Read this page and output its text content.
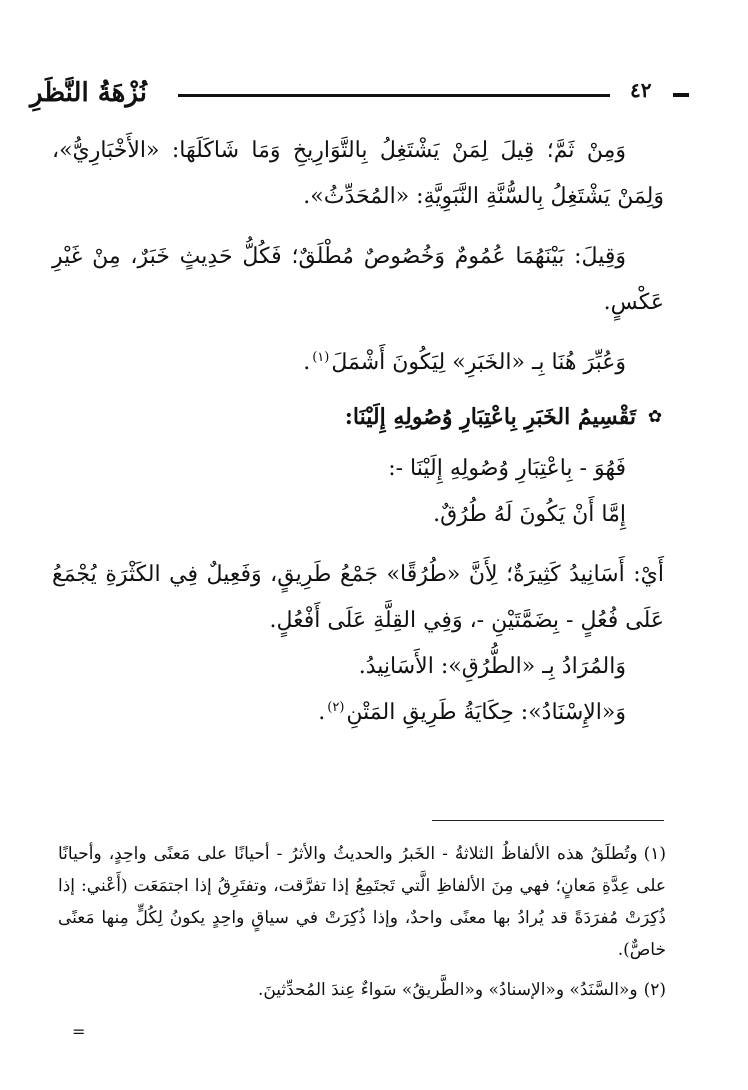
نُزْهَةُ النَّظَرِ	٤٢

وَمِنْ ثَمَّ؛ قِيلَ لِمَنْ يَشْتَغِلُ بِالتَّوَارِيخِ وَمَا شَاكَلَهَا: «الأَخْبَارِيُّ»، وَلِمَنْ يَشْتَغِلُ بِالسُّنَّةِ النَّبَوِيَّةِ: «المُحَدِّثُ».

وَقِيلَ: بَيْنَهُمَا عُمُومٌ وَخُصُوصٌ مُطْلَقٌ؛ فَكُلُّ حَدِيثٍ خَبَرٌ، مِنْ غَيْرِ عَكْسٍ.

وَعُبِّرَ هُنَا بِـ «الخَبَرِ» لِيَكُونَ أَشْمَلَ$^{(١)}$.

✿
تَقْسِيمُ الخَبَرِ بِاعْتِبَارِ وُصُولِهِ إِلَيْنَا:

فَهُوَ - بِاعْتِبَارِ وُصُولِهِ إِلَيْنَا -:

إِمَّا أَنْ يَكُونَ لَهُ طُرُقٌ.

أَيْ: أَسَانِيدُ كَثِيرَةٌ؛ لِأَنَّ «طُرُقًا» جَمْعُ طَرِيقٍ، وَفَعِيلٌ فِي الكَثْرَةِ يُجْمَعُ عَلَى فُعُلٍ - بِضَمَّتَيْنِ -، وَفِي القِلَّةِ عَلَى أَفْعُلٍ.

وَالمُرَادُ بِـ «الطُّرُقِ»: الأَسَانِيدُ.

وَ«الإِسْنَادُ»: حِكَايَةُ طَرِيقِ المَتْنِ$^{(٢)}$.

(١)وتُطلَقُ هذه الألفاظُ الثلاثةُ - الخَبرُ والحديثُ والأثرُ - أحيانًا على مَعنًى واحِدٍ، وأحيانًا على عِدَّةِ مَعانٍ؛ فهي مِنَ الألفاظِ الَّتي تَجتَمِعُ إذا تفرَّقت، وتفتَرِقُ إذا اجتمَعَت (أَعْني: إذا ذُكِرَتْ مُفرَدَةً قد يُرادُ بها معنًى واحدٌ، وإذا ذُكِرَتْ في سياقٍ واحِدٍ يكونُ لِكُلٍّ مِنها مَعنًى خاصٌّ).

(٢)و«السَّنَدُ» و«الإسنادُ» و«الطَّريقُ» سَواءٌ عِندَ المُحدِّثينَ.

=
